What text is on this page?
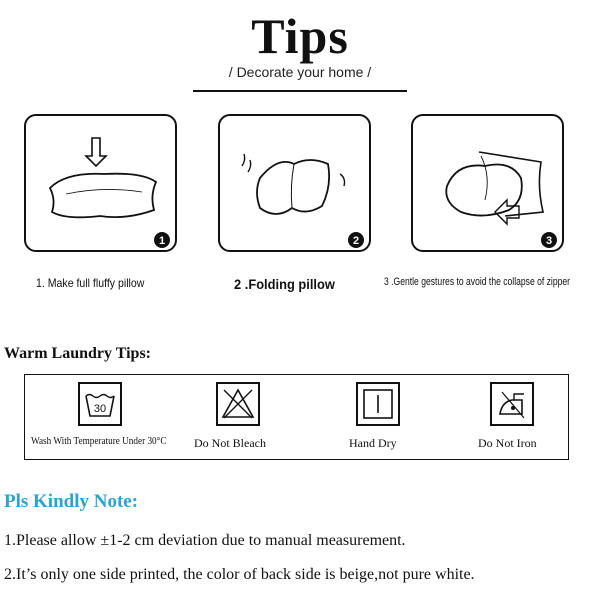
Tips
/ Decorate your home /
1
1. Make full fluffy pillow
2
2 .Folding pillow
3
3 .Gentle gestures to avoid the collapse of zipper
Warm Laundry Tips:
30
Wash With Temperature Under 30°C Do Not Bleach	Hand Dry	Do Not Iron
Pls Kindly Note:
1.Please allow ±1-2 cm deviation due to manual measurement.
2.It’s only one side printed, the color of back side is beige,not pure white.
